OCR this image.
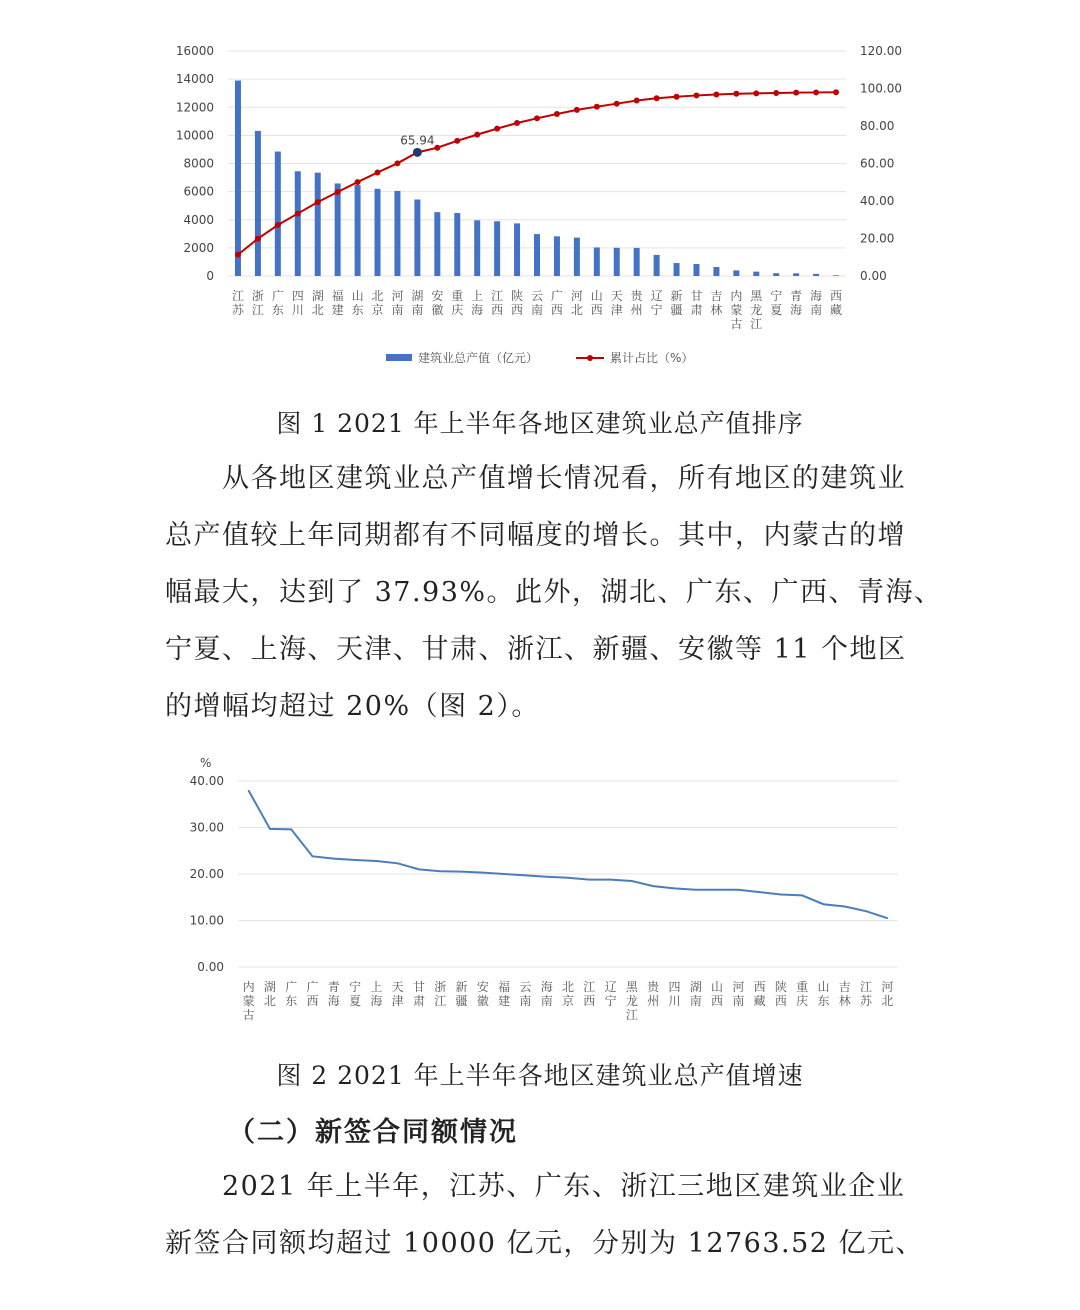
0
2000
4000
6000
8000
10000
12000
14000
16000
0.00
20.00
40.00
60.00
80.00
100.00
120.00
65.94
江苏
浙江
广东
四川
湖北
福建
山东
北京
河南
湖南
安徽
重庆
上海
江西
陕西
云南
广西
河北
山西
天津
贵州
辽宁
新疆
甘肃
吉林
内蒙古
黑龙江
宁夏
青海
海南
西藏
建筑业总产值（亿元）	累计占比（%）
图 1 2021 年上半年各地区建筑业总产值排序
　　从各地区建筑业总产值增长情况看，所有地区的建筑业
总产值较上年同期都有不同幅度的增长。其中，内蒙古的增
幅最大，达到了 37.93%。此外，湖北、广东、广西、青海、
宁夏、上海、天津、甘肃、浙江、新疆、安徽等 11 个地区
的增幅均超过 20%（图 2）。
%
0.00
10.00
20.00
30.00
40.00
内蒙古
湖北
广东
广西
青海
宁夏
上海
天津
甘肃
浙江
新疆
安徽
福建
云南
海南
北京
江西
辽宁
黑龙江
贵州
四川
湖南
山西
河南
西藏
陕西
重庆
山东
吉林
江苏
河北
图 2 2021 年上半年各地区建筑业总产值增速
（二）新签合同额情况
　　2021 年上半年，江苏、广东、浙江三地区建筑业企业
新签合同额均超过 10000 亿元，分别为 12763.52 亿元、
